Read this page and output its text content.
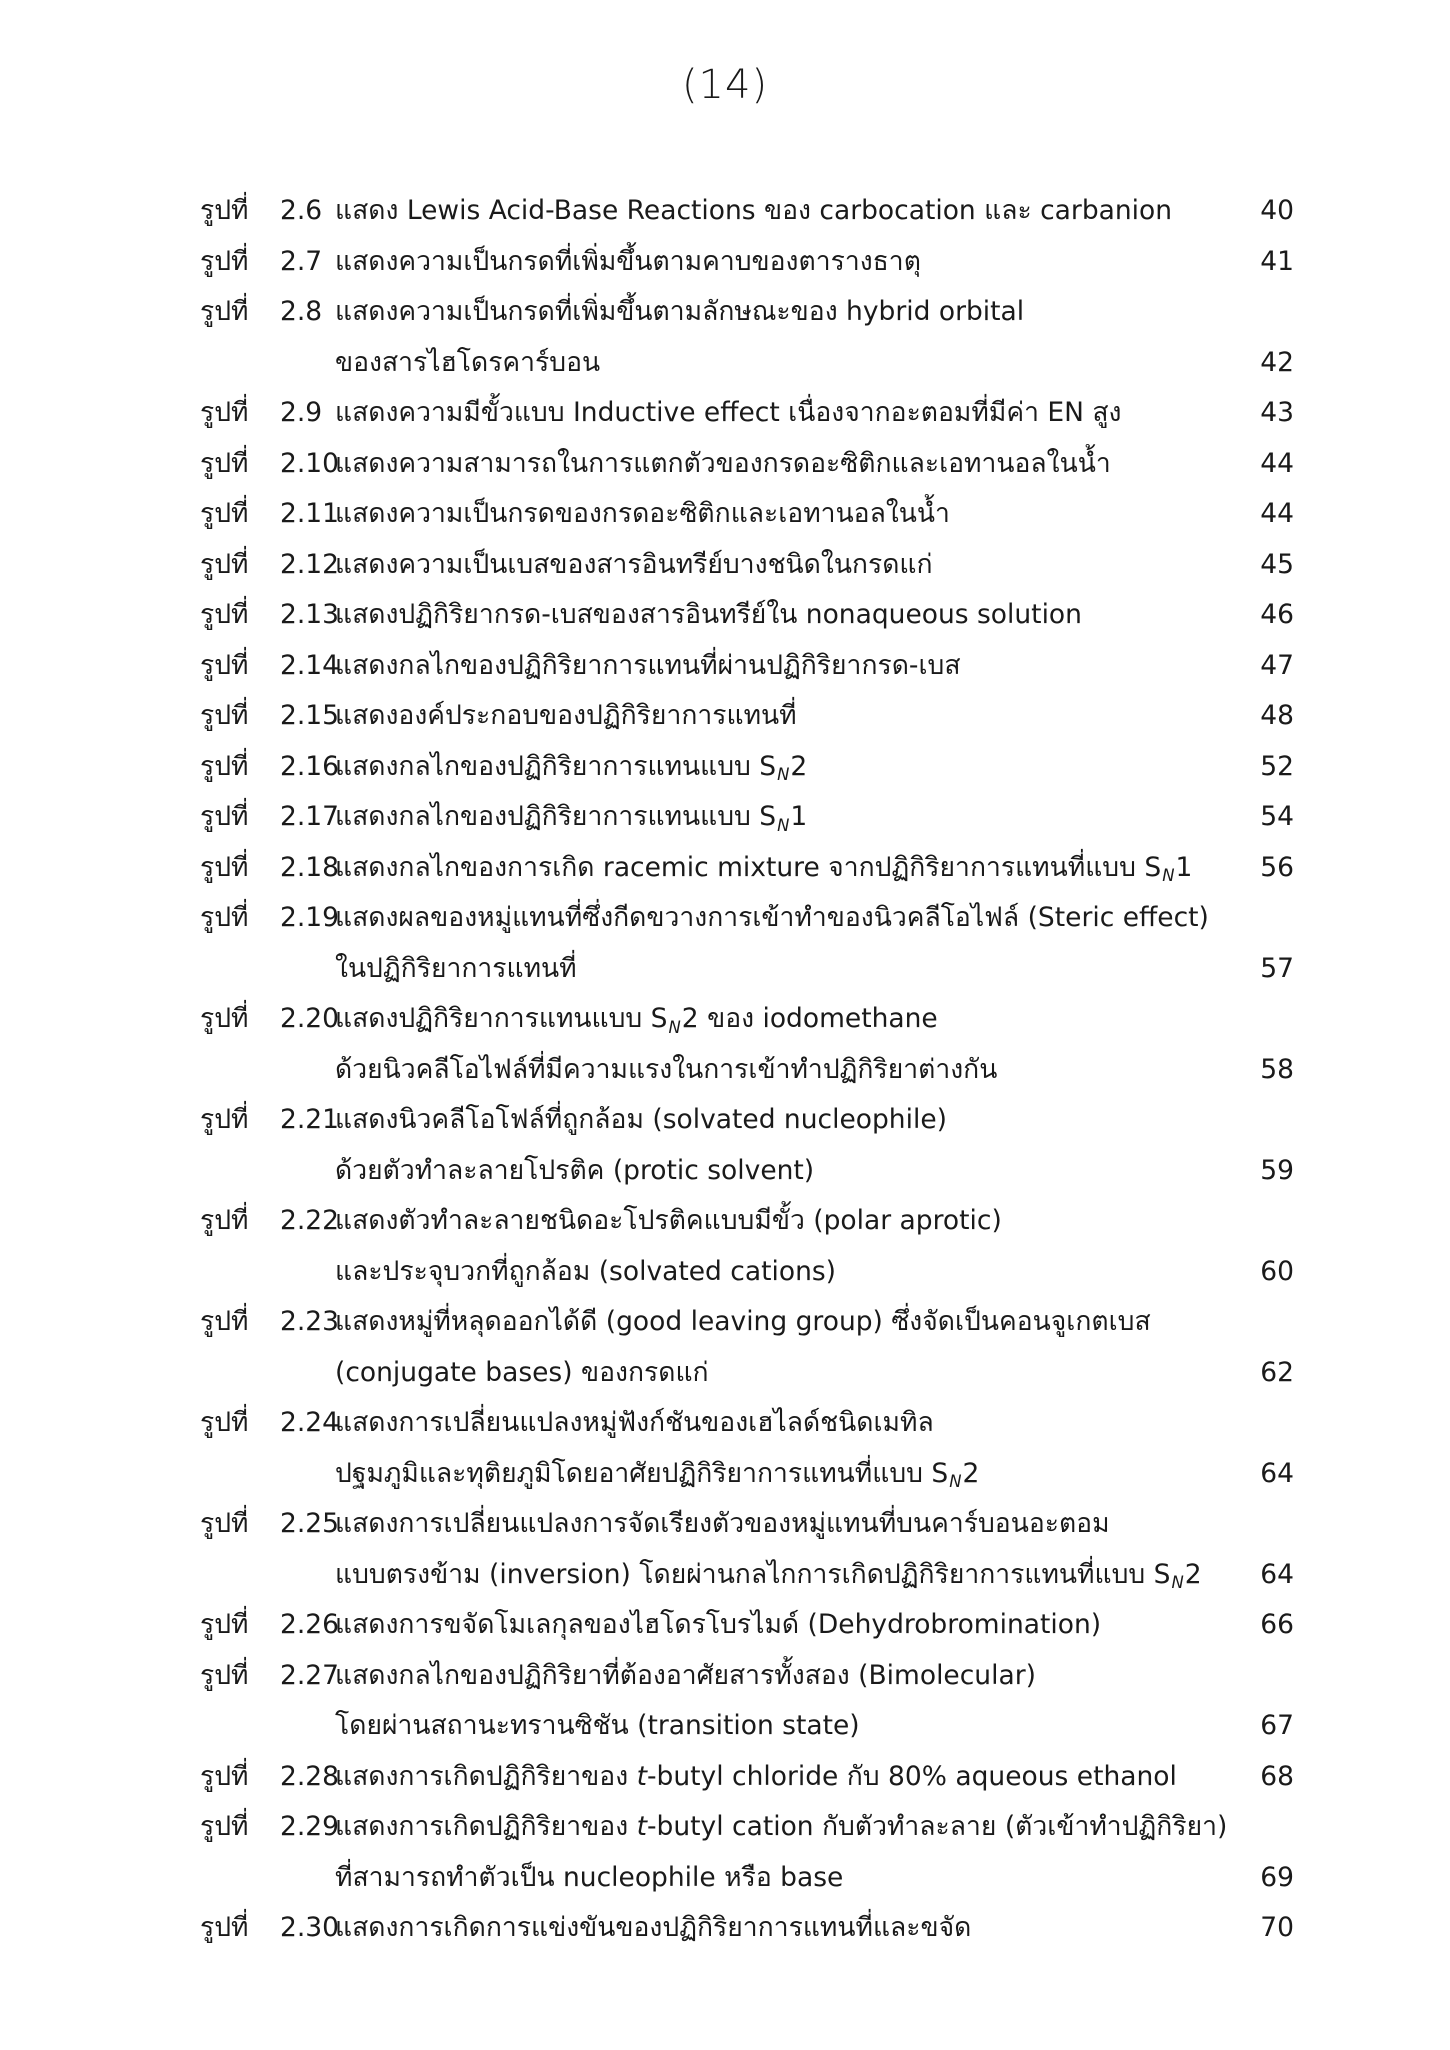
(14)
รูปที่ 2.6 แสดง Lewis Acid-Base Reactions ของ carbocation และ carbanion	40
รูปที่ 2.7 แสดงความเป็นกรดที่เพิ่มขึ้นตามคาบของตารางธาตุ	41
รูปที่ 2.8 แสดงความเป็นกรดที่เพิ่มขึ้นตามลักษณะของ hybrid orbital
ของสารไฮโดรคาร์บอน	42
รูปที่ 2.9 แสดงความมีขั้วแบบ Inductive effect เนื่องจากอะตอมที่มีค่า EN สูง	43
รูปที่ 2.10
แสดงความสามารถในการแตกตัวของกรดอะซิติกและเอทานอลในน้ำ	44
รูปที่ 2.11
แสดงความเป็นกรดของกรดอะซิติกและเอทานอลในน้ำ	44
รูปที่ 2.12
แสดงความเป็นเบสของสารอินทรีย์บางชนิดในกรดแก่	45
รูปที่ 2.13
แสดงปฏิกิริยากรด-เบสของสารอินทรีย์ใน nonaqueous solution	46
รูปที่ 2.14
แสดงกลไกของปฏิกิริยาการแทนที่ผ่านปฏิกิริยากรด-เบส	47
รูปที่ 2.15
แสดงองค์ประกอบของปฏิกิริยาการแทนที่	48
รูปที่ 2.16
แสดงกลไกของปฏิกิริยาการแทนแบบ $S_N2$	52
รูปที่ 2.17
แสดงกลไกของปฏิกิริยาการแทนแบบ $S_N1$	54
รูปที่ 2.18
แสดงกลไกของการเกิด racemic mixture จากปฏิกิริยาการแทนที่แบบ $S_N1$	56
รูปที่ 2.19
แสดงผลของหมู่แทนที่ซึ่งกีดขวางการเข้าทำของนิวคลีโอไฟล์ (Steric effect)
ในปฏิกิริยาการแทนที่	57
รูปที่ 2.20
แสดงปฏิกิริยาการแทนแบบ $S_N2$ ของ iodomethane
ด้วยนิวคลีโอไฟล์ที่มีความแรงในการเข้าทำปฏิกิริยาต่างกัน	58
รูปที่ 2.21
แสดงนิวคลีโอโฟล์ที่ถูกล้อม (solvated nucleophile)
ด้วยตัวทำละลายโปรติค (protic solvent)	59
รูปที่ 2.22
แสดงตัวทำละลายชนิดอะโปรติคแบบมีขั้ว (polar aprotic)
และประจุบวกที่ถูกล้อม (solvated cations)	60
รูปที่ 2.23
แสดงหมู่ที่หลุดออกได้ดี (good leaving group) ซึ่งจัดเป็นคอนจูเกตเบส
(conjugate bases) ของกรดแก่	62
รูปที่ 2.24
แสดงการเปลี่ยนแปลงหมู่ฟังก์ชันของเฮไลด์ชนิดเมทิล
ปฐมภูมิและทุติยภูมิโดยอาศัยปฏิกิริยาการแทนที่แบบ $S_N2$	64
รูปที่ 2.25
แสดงการเปลี่ยนแปลงการจัดเรียงตัวของหมู่แทนที่บนคาร์บอนอะตอม
แบบตรงข้าม (inversion) โดยผ่านกลไกการเกิดปฏิกิริยาการแทนที่แบบ $S_N2$ 64
รูปที่ 2.26
แสดงการขจัดโมเลกุลของไฮโดรโบรไมด์ (Dehydrobromination)	66
รูปที่ 2.27
แสดงกลไกของปฏิกิริยาที่ต้องอาศัยสารทั้งสอง (Bimolecular)
โดยผ่านสถานะทรานซิชัน (transition state)	67
รูปที่ 2.28
แสดงการเกิดปฏิกิริยาของ t-butyl chloride กับ 80% aqueous ethanol	68
รูปที่ 2.29
แสดงการเกิดปฏิกิริยาของ t-butyl cation กับตัวทำละลาย (ตัวเข้าทำปฏิกิริยา)
ที่สามารถทำตัวเป็น nucleophile หรือ base	69
รูปที่ 2.30
แสดงการเกิดการแข่งขันของปฏิกิริยาการแทนที่และขจัด	70
